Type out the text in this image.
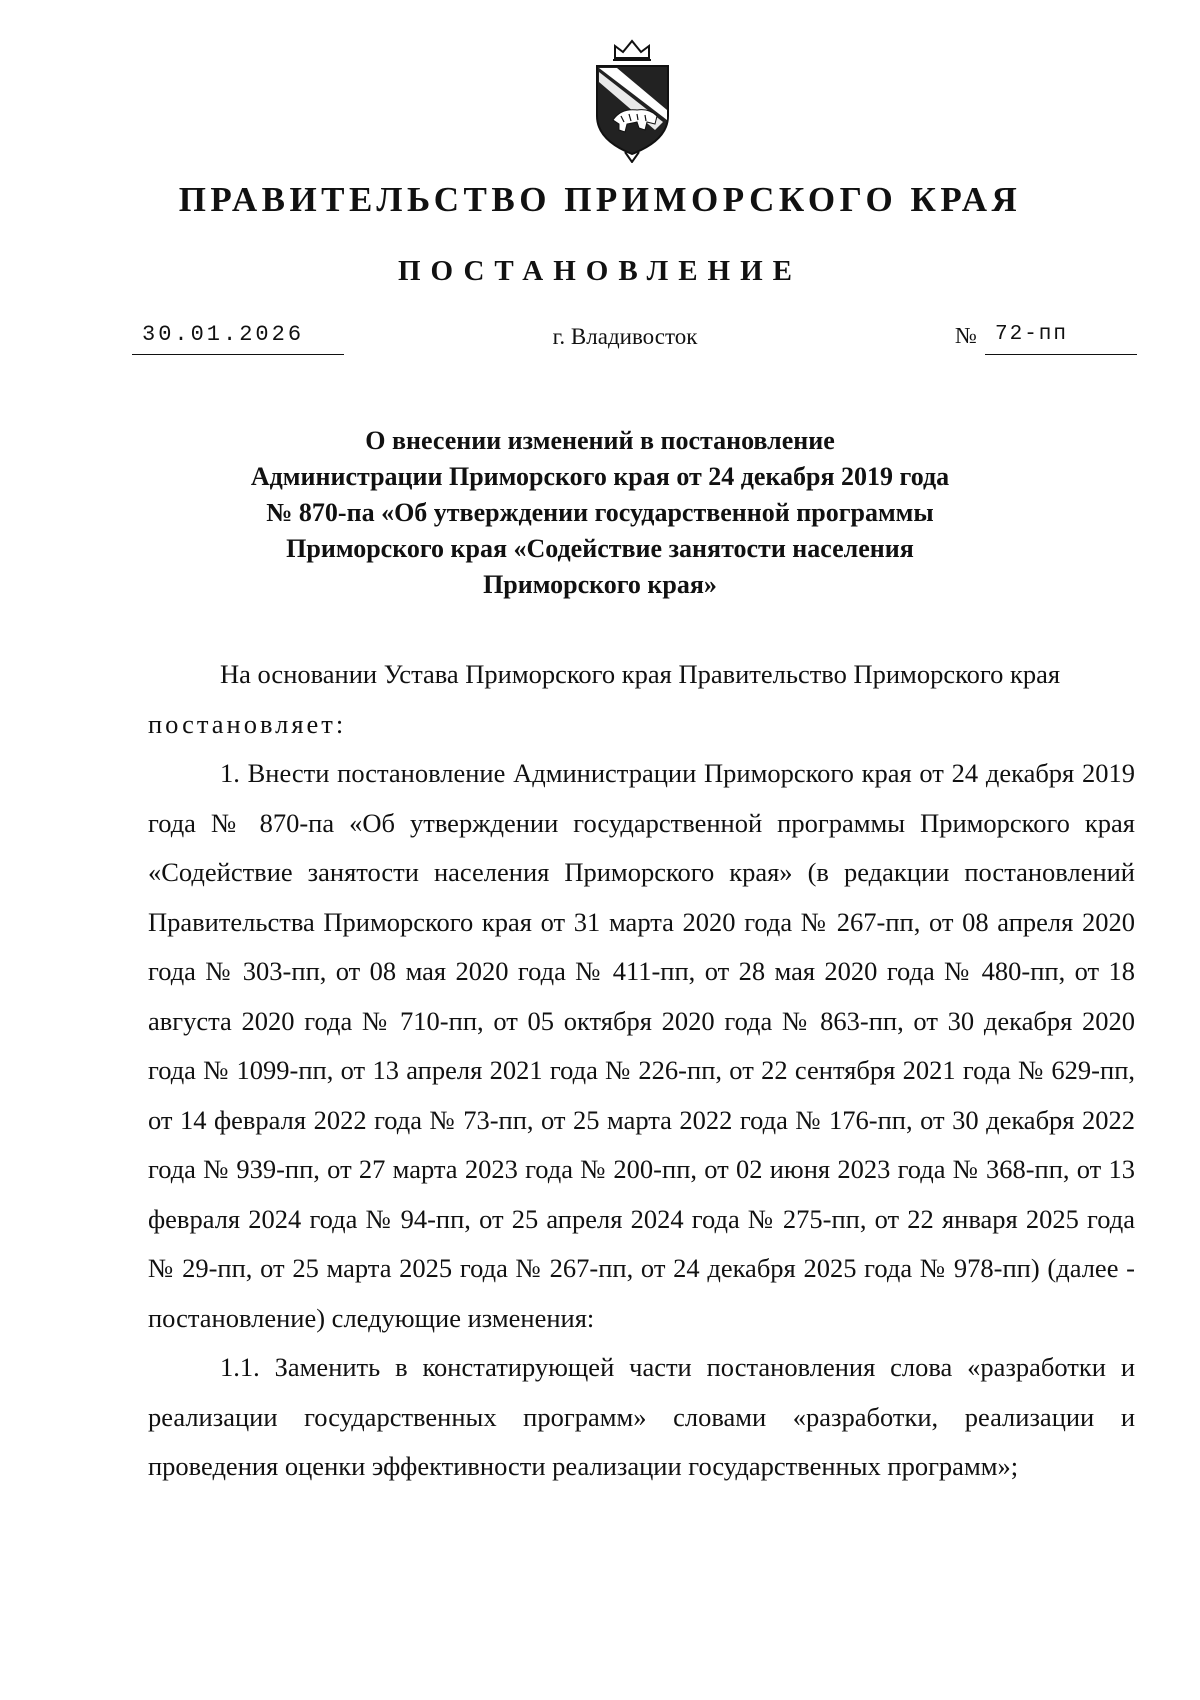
ПРАВИТЕЛЬСТВО ПРИМОРСКОГО КРАЯ
ПОСТАНОВЛЕНИЕ
30.01.2026	г. Владивосток	№ 72-пп
О внесении изменений в постановление
Администрации Приморского края от 24 декабря 2019 года
№ 870-па «Об утверждении государственной программы
Приморского края «Содействие занятости населения
Приморского края»

На основании Устава Приморского края Правительство Приморского края

постановляет:

1. Внести постановление Администрации Приморского края от 24 декабря 2019 года № 870-па «Об утверждении государственной программы Приморского края «Содействие занятости населения Приморского края» (в редакции постановлений Правительства Приморского края от 31 марта 2020 года № 267-пп, от 08 апреля 2020 года № 303-пп, от 08 мая 2020 года № 411-пп, от 28 мая 2020 года № 480-пп, от 18 августа 2020 года № 710-пп, от 05 октября 2020 года № 863-пп, от 30 декабря 2020 года № 1099-пп, от 13 апреля 2021 года № 226-пп, от 22 сентября 2021 года № 629-пп, от 14 февраля 2022 года № 73-пп, от 25 марта 2022 года № 176-пп, от 30 декабря 2022 года № 939-пп, от 27 марта 2023 года № 200-пп, от 02 июня 2023 года № 368-пп, от 13 февраля 2024 года № 94-пп, от 25 апреля 2024 года № 275-пп, от 22 января 2025 года № 29-пп, от 25 марта 2025 года № 267-пп, от 24 декабря 2025 года № 978-пп) (далее - постановление) следующие изменения:

1.1. Заменить в констатирующей части постановления слова «разработки и реализации государственных программ» словами «разработки, реализации и проведения оценки эффективности реализации государственных программ»;
